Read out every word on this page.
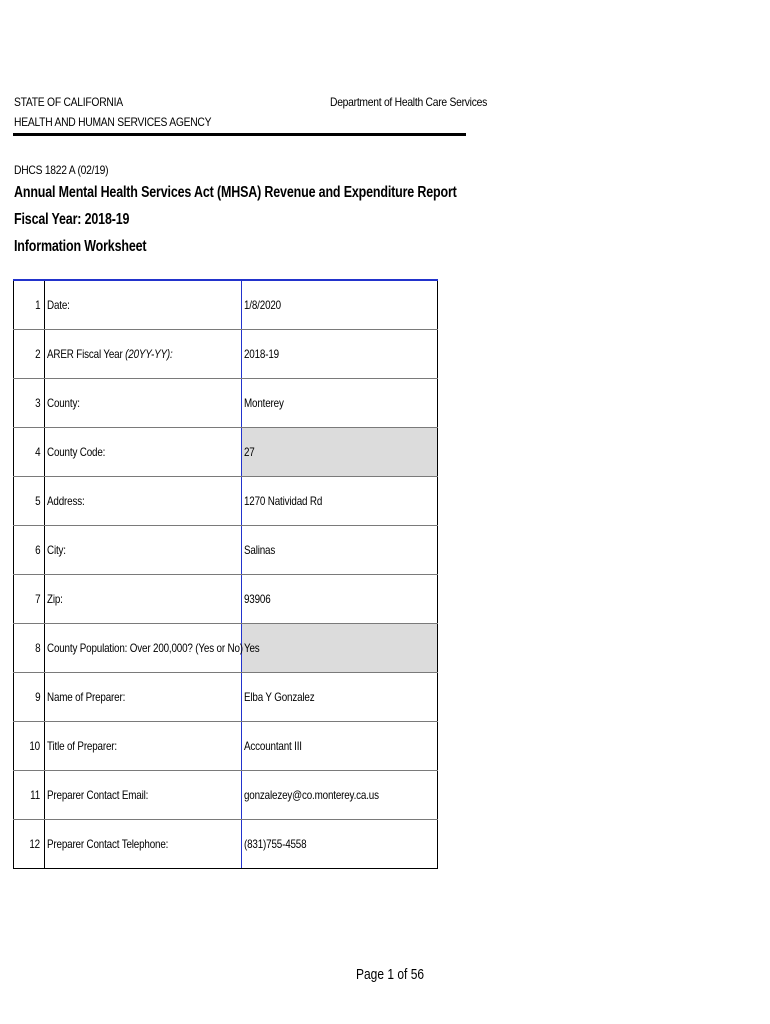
STATE OF CALIFORNIA
HEALTH AND HUMAN SERVICES AGENCY
Department of Health Care Services
DHCS 1822 A (02/19)
Annual Mental Health Services Act (MHSA) Revenue and Expenditure Report
Fiscal Year: 2018-19
Information Worksheet
1	Date:	1/8/2020
2	ARER Fiscal Year (20YY-YY):	2018-19
3	County:	Monterey
4	County Code:	27
5	Address:	1270 Natividad Rd
6	City:	Salinas
7	Zip:	93906
8	County Population: Over 200,000? (Yes or No)	Yes
9	Name of Preparer:	Elba Y Gonzalez
10	Title of Preparer:	Accountant III
11	Preparer Contact Email:	gonzalezey@co.monterey.ca.us
12	Preparer Contact Telephone:	(831)755-4558
Page 1 of 56
